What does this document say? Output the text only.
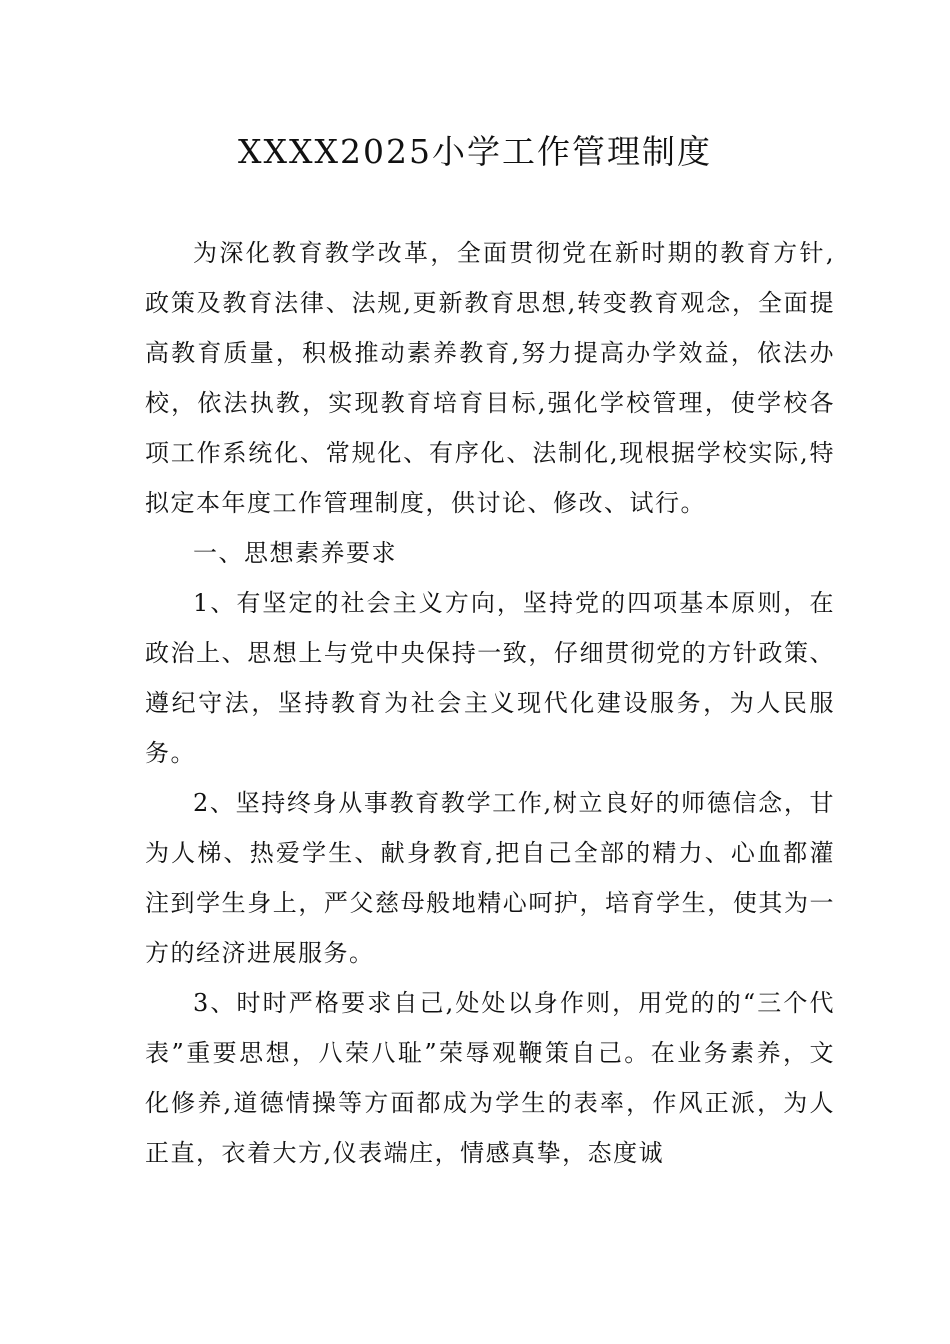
XXXX2025小学工作管理制度

为深化教育教学改革，全面贯彻党在新时期的教育方针,政策及教育法律、法规,更新教育思想,转变教育观念，全面提高教育质量，积极推动素养教育,努力提高办学效益，依法办校，依法执教，实现教育培育目标,强化学校管理，使学校各项工作系统化、常规化、有序化、法制化,现根据学校实际,特拟定本年度工作管理制度，供讨论、修改、试行。

一、思想素养要求

1、有坚定的社会主义方向，坚持党的四项基本原则，在政治上、思想上与党中央保持一致，仔细贯彻党的方针政策、遵纪守法，坚持教育为社会主义现代化建设服务，为人民服务。

2、坚持终身从事教育教学工作,树立良好的师德信念，甘为人梯、热爱学生、献身教育,把自己全部的精力、心血都灌注到学生身上，严父慈母般地精心呵护，培育学生，使其为一方的经济进展服务。

3、时时严格要求自己,处处以身作则，用党的的“三个代表”重要思想，八荣八耻”荣辱观鞭策自己。在业务素养，文化修养,道德情操等方面都成为学生的表率，作风正派，为人正直，衣着大方,仪表端庄，情感真挚，态度诚
